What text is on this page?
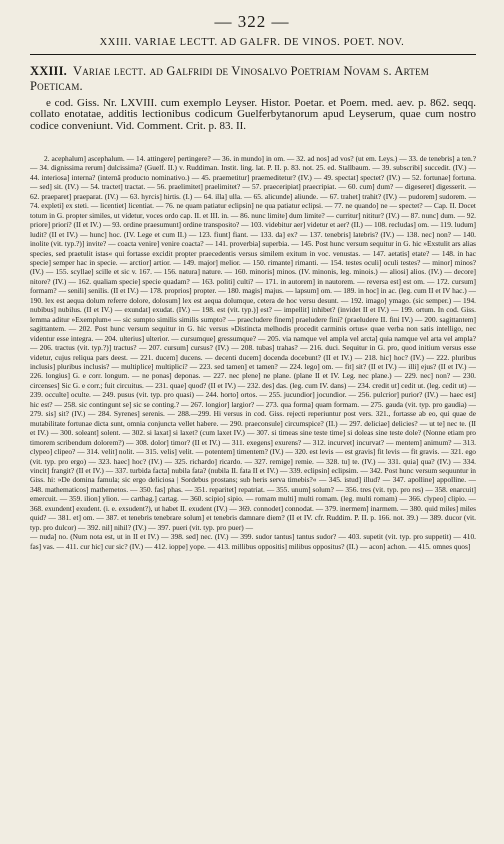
— 322 —
XXIII. VARIAE LECTT. AD GALFR. DE VINOS. POET. NOV.
XXIII. Variae lectt. ad Galfridi de Vinosalvo Poetriam Novam s. Artem Poeticam.
e cod. Giss. Nr. LXVIII. cum exemplo Leyser. Histor. Poetar. et Poem. med. aev. p. 862. seqq. collato enotatae, additis lectionibus codicum Guelferbytanorum apud Leyserum, quae cum nostro codice conveniunt. Vid. Comment. Crit. p. 83. II.
2. acephalum] ascephalum. — 14. attingere] pertingere? — 36. in mundo] in om. — 32. ad nos] ad vos? (ut em. Leys.) — 33. de tenebris] a ten.? — 34. dignissima rerum] dulcissima? (Guelf. II.) v. Ruddiman. Instit. ling. lat. P. II. p. 83. not. 25. ed. Stallbaum. — 39. subscribi] succedit. (IV.) — 44. interiosa] interna? (internâ producto nominativo.) — 45. praemetitur] praemeditetur? (IV.) — 49. spectat] spectet? (IV.) — 52. fortunae] fortuna. — sed] sit. (IV.) — 54. tractet] tractat. — 56. praelimitet] praelimitet? — 57. praeceripiat] praecripiat. — 60. cum] dum? — digeseret] digesserit. — 62. praeparet] praeparat. (IV.) — 63. hyrcis] hirtis. (I.) — 64. illa] ulla. — 65. alicunde] aliunde. — 67. trahet] trahit? (IV.) — pudorem] sudorem. — 74. expleti] ex steti. — licentiet] licentiat. — 76. ne quam patiatur eclipsin] ne qua patiatur eclipsi. — 77. ne quando] ne — spectet? — Cap. II. Docet totum in G. propter similes, ut videtur, voces ordo cap. II. et III. in. — 86. nunc limite] dum limite? — curritur] nititur? (IV.) — 87. nunc] dum. — 92. priore] priori? (II et IV.) — 93. ordine praesumunt] ordine transposito? — 103. videbitur aer] videtur et aer? (II.) — 108. recludas] om. — 119. ludum] ludit? (II et IV.) — hunc] hoc. (IV. Lege et cum II.) — 123. fiunt] fiant. — 133. da] ex? — 137. tenebris] latebris? (IV.) — 138. nec] non? — 140. inolite (vit. typ.?)] invite? — coacta venire] venire coacta? — 141. proverbia] superbia. — 145. Post hunc versum sequitur in G. hic »Exstulit ars alias species, sed praetulit istas« qui fortasse excidit propter praecedentis versus similem exitum in voc. venustas. — 147. aetatis] etate? — 148. in hac specie] semper hac in specie. — arctior] artior. — 149. major] melior. — 150. rimante] rimanti. — 154. testes oculi] oculi testes? — minor] minos? (IV.) — 155. scyllae] scille et sic v. 167. — 156. natura] nature. — 160. minoris] minos. (IV. minonis, leg. minois.) — aliosi] alios. (IV.) — decore] nitore? (IV.) — 162. qualiam specie] specie quadam? — 163. politi] culti? — 171. in autorem] in nautorem. — reversa est] est om. — 172. cursum] formam? — senili] senilis. (II et IV.) — 178. proprios] propter. — 180. magis] majus. — lapsum] om. — 189. in hoc] in ac. (leg. cum II et IV hac.) — 190. lex est aequa dolum referre dolore, dolosum] lex est aequa dolumque, cetera de hoc versu desunt. — 192. imago] ymago. (sic semper.) — 194. nubibus] nubilus. (II et IV.) — exundat] exudat. (IV.) — 198. est (vit. typ.)] est? — impellit] inhibet? (invidet II et IV.) — 199. ortum. In cod. Giss. lemma aditur »Exemplum« — sic sumpto similis similis sumpto? — praecludere finem] praeludere fini? (praeludere II. fini IV.) — 200. sagittantem] sagittantem. — 202. Post hunc versum sequitur in G. hic versus »Distincta melhodis procedit carminis ortus« quae verba non satis intelligo, nec videntur esse integra. — 204. ulterius] ulterior. — cursumque] gressumque? — 205. via namque vel ampla vel arcta] quia namque vel arta vel ampla? — 206. tractus (vit. typ.?)] tractus? — 207. cursum] cursus? (IV.) — 208. tubas] trahas? — 216. duci. Sequitur in G. pro, quod initium versus esse videtur, cujus reliqua pars deest. — 221. ducem] ducens. — decenti ducem] docenda docebunt? (II et IV.) — 218. hic] hoc? (IV.) — 222. pluribus inclusis] pluribus inclusis? — multiplice] multiplici? — 223. sed tamen] et tamen? — 224. lego] om. — fit] sit? (II et IV.) — illi] ejus? (II et IV.) — 226. longius] G. e corr. longum. — ne ponas] deponas. — 227. nec plene] ne plane. (plane II et IV. Leg. nec plane.) — 229. nec] non? — 230. circenses] Sic G. e corr.; fuit circuitus. — 231. quae] quod? (II et IV.) — 232. des] das. (leg. cum IV. dans) — 234. credit ut] cedit ut. (leg. cedit ut) — 239. occulte] oculte. — 249. pusus (vit. typ. pro quasi) — 244. horto] ortos. — 255. jucundior] jocundior. — 256. pulcrior] purior? (IV.) — haec est] hic est? — 258. sic contingunt se] sic se conting.? — 267. longior] largior? — 273. qua forma] quam formam. — 275. gauda (vit. typ. pro gaudia) — 279. sis] sit? (IV.) — 284. Syrenes] serenis. — 288.—299. Hi versus in cod. Giss. rejecti reperiuntur post vers. 321., fortasse ab eo, qui quae de mutabilitate fortunae dicta sunt, omnia conjuncta vellet habere. — 290. praeconsule] circumspice? (II.) — 297. deliciae] delicies? — ut te] nec te. (II et IV.) — 300. soleant] solent. — 302. si laxat] si laxet? (cum laxet IV.) — 307. si timeas sine teste time] si doleas sine teste dole? (Nonne etiam pro timorem scribendum dolorem?) — 308. dolor] timor? (II et IV.) — 311. exegens] exurens? — 312. incurvet] incurvat? — mentem] animum? — 313. clypeo] clipeo? — 314. velit] nolit. — 315. velis] velit. — potentem] timentem? (IV.) — 320. est levis — est gravis] fit levis — fit gravis. — 321. ego (vit. typ. pro ergo) — 323. haec] hoc? (IV.) — 325. richardo] ricardo. — 327. remige] remie. — 328. tu] te. (IV.) — 331. quia] qua? (IV.) — 334. vincit] frangit? (II et IV.) — 337. turbida facta] nubila fata? (nubila II. fata II et IV.) — 339. eclipsin] eclipsim. — 342. Post hunc versum sequuntur in Giss. hi: »De domina famula; sic ergo deliciosa | Sordebus prostans; sub heris serva timebis?« — 345. istud] illud? — 347. apolline] appolline. — 348. mathematicos] mathemetos. — 350. fas] phas. — 351. reparitet] repatriat. — 355. unum] solum? — 356. tres (vit. typ. pro res) — 358. enarcuit] emercuit. — 359. ilion] ylion. — carthag.] cartag. — 360. scipio] sipio. — romam multi] multi romam. (leg. multi romam) — 366. clypeo] clipio. — 368. exundent] exudent. (i. e. exsudent?), ut habet II. exudent (IV.) — 369. connodet] connodat. — 379. inermem] inarmem. — 380. quid miles] miles quid? — 381. et] om. — 387. et tenebris tenebrare solum] et tenebris damnare diem? (II et IV. cfr. Ruddim. P. II. p. 166. not. 39.) — 389. ducor (vit. typ. pro dulcor) — 392. nil] nihil? (IV.) — 397. pueri (vit. typ. pro puer) —
— nuda] no. (Num nota est, ut in II et IV.) — 398. sed] nec. (IV.) — 399. sudor tantus] tantus sudor? — 403. supetit (vit. typ. pro suppetit) — 410. fas] vas. — 411. cur hic] cur sic? (IV.) — 412. ioppe] yope. — 413. millibus oppositis] milibus oppositus? (II.) — acon] achon. — 415. omnes quos]
